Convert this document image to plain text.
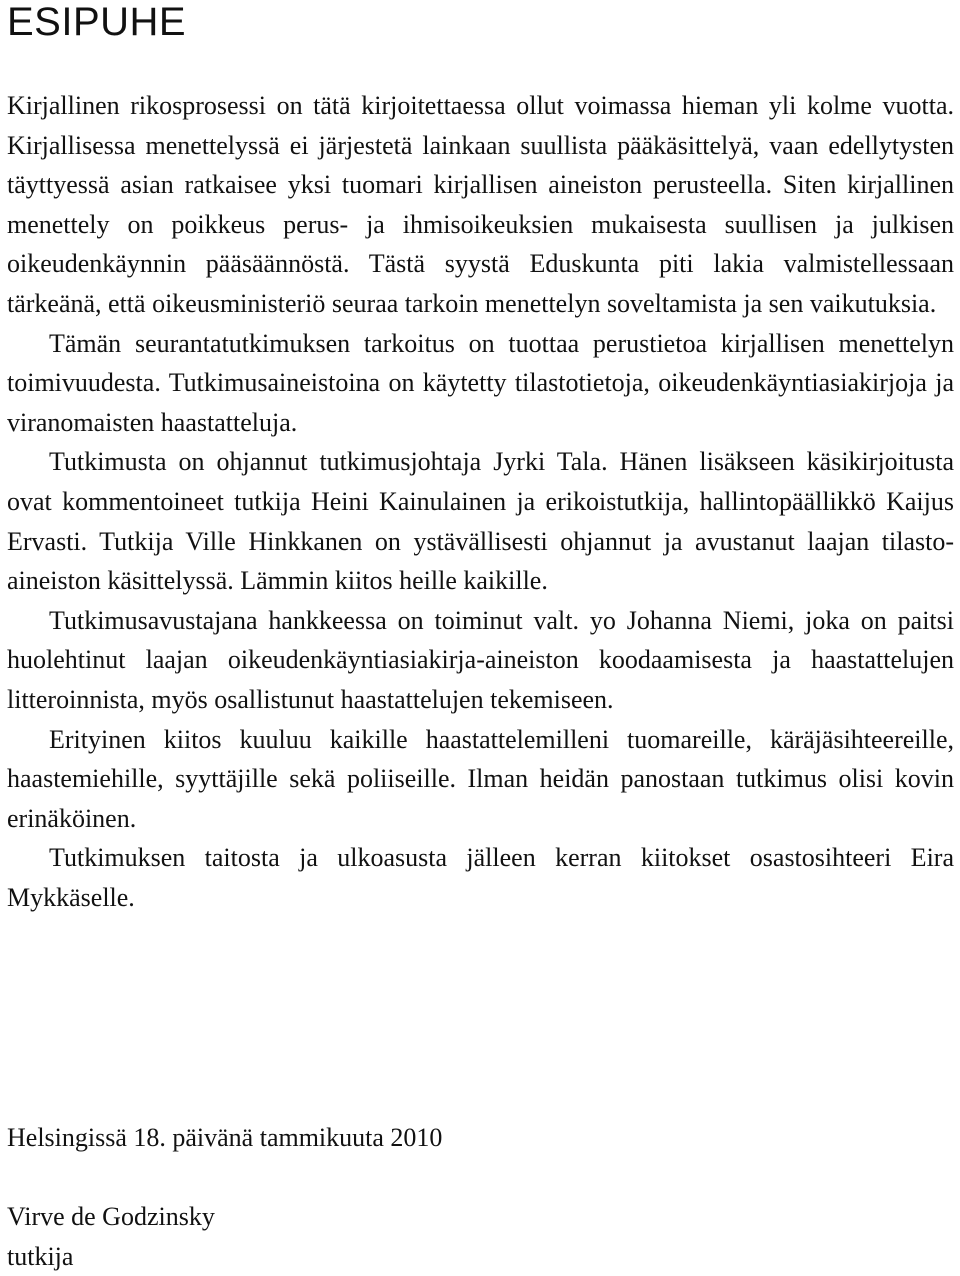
ESIPUHE

Kirjallinen rikosprosessi on tätä kirjoitettaessa ollut voimassa hieman yli kolme vuotta. Kirjallisessa menettelyssä ei järjestetä lainkaan suullista pääkäsittelyä, vaan edellytysten täyttyessä asian ratkaisee yksi tuomari kirjallisen aineiston perusteella. Siten kirjallinen menettely on poikkeus perus- ja ihmisoikeuksien mukaisesta suullisen ja julkisen oikeudenkäynnin pääsäännöstä. Tästä syystä Eduskunta piti lakia valmistellessaan tärkeänä, että oikeusministeriö seuraa tarkoin menettelyn soveltamista ja sen vaikutuksia.

Tämän seurantatutkimuksen tarkoitus on tuottaa perustietoa kirjallisen menettelyn toimivuudesta. Tutkimusaineistoina on käytetty tilastotietoja, oikeudenkäyntiasiakirjoja ja viranomaisten haastatteluja.

Tutkimusta on ohjannut tutkimusjohtaja Jyrki Tala. Hänen lisäkseen käsikirjoitusta ovat kommentoineet tutkija Heini Kainulainen ja erikoistutkija, hallintopäällikkö Kaijus Ervasti. Tutkija Ville Hinkkanen on ystävällisesti ohjannut ja avustanut laajan tilasto-aineiston käsittelyssä. Lämmin kiitos heille kaikille.

Tutkimusavustajana hankkeessa on toiminut valt. yo Johanna Niemi, joka on paitsi huolehtinut laajan oikeudenkäyntiasiakirja-aineiston koodaamisesta ja haastattelujen litteroinnista, myös osallistunut haastattelujen tekemiseen.

Erityinen kiitos kuuluu kaikille haastattelemilleni tuomareille, käräjäsihteereille, haastemiehille, syyttäjille sekä poliiseille. Ilman heidän panostaan tutkimus olisi kovin erinäköinen.

Tutkimuksen taitosta ja ulkoasusta jälleen kerran kiitokset osastosihteeri Eira Mykkäselle.

Helsingissä 18. päivänä tammikuuta 2010
Virve de Godzinsky
tutkija
